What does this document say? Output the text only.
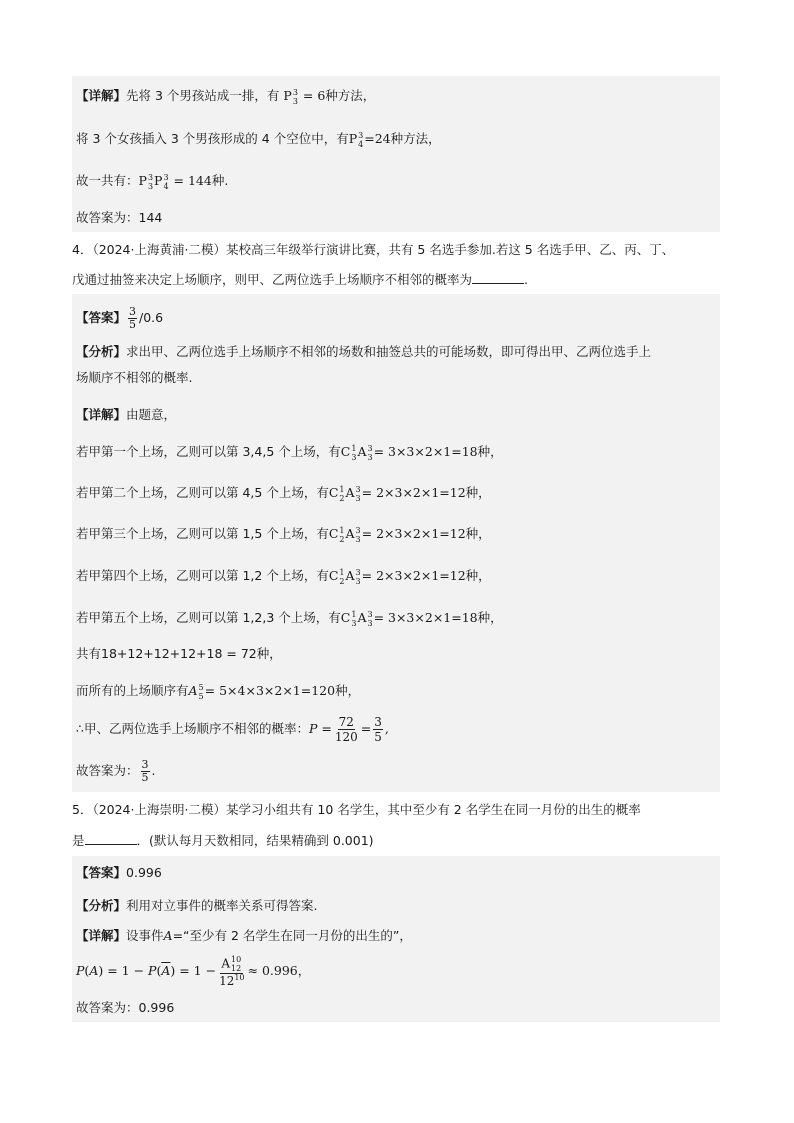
【详解】先将 3 个男孩站成一排，有 P 3
3 = 6种方法，
将 3 个女孩插入 3 个男孩形成的 4 个空位中，有P 3
4 =24种方法，
故一共有：P 3
3 P 3
4 = 144种.
故答案为：144
4．（2024·上海黄浦·二模）某校高三年级举行演讲比赛，共有 5 名选手参加.若这 5 名选手甲、乙、丙、丁、
戊通过抽签来决定上场顺序，则甲、乙两位选手上场顺序不相邻的概率为	.
【答案】 $\frac{3}{5} /0.6$
【分析】求出甲、乙两位选手上场顺序不相邻的场数和抽签总共的可能场数，即可得出甲、乙两位选手上
场顺序不相邻的概率.
【详解】由题意，
若甲第一个上场，乙则可以第 3,4,5 个上场，有C 1
3 A 3
3 = 3×3×2×1=18种，
若甲第二个上场，乙则可以第 4,5 个上场，有C 1
2 A 3
3 = 2×3×2×1=12种，
若甲第三个上场，乙则可以第 1,5 个上场，有C 1
2 A 3
3 = 2×3×2×1=12种，
若甲第四个上场，乙则可以第 1,2 个上场，有C 1
2 A 3
3 = 2×3×2×1=12种，
若甲第五个上场，乙则可以第 1,2,3 个上场，有C 1
3 A 3
3 = 3×3×2×1=18种，
共有18+12+12+12+18 = 72种，
而所有的上场顺序有A 5
5 = 5×4×3×2×1=120种，
∴甲、乙两位选手上场顺序不相邻的概率：$P = \frac{72}{120} = \frac{3}{5}$ ,
故答案为： $\frac{3}{5}$ .
5．（2024·上海崇明·二模）某学习小组共有 10 名学生，其中至少有 2 名学生在同一月份的出生的概率
是	．(默认每月天数相同，结果精确到 0.001)
【答案】0.996
【分析】利用对立事件的概率关系可得答案.
【详解】设事件A=“至少有 2 名学生在同一月份的出生的”，
$P(A) = 1 - P(\overline{A}) = 1 - A$ 10
12
$12^{10} \approx 0.996$，
故答案为：0.996
